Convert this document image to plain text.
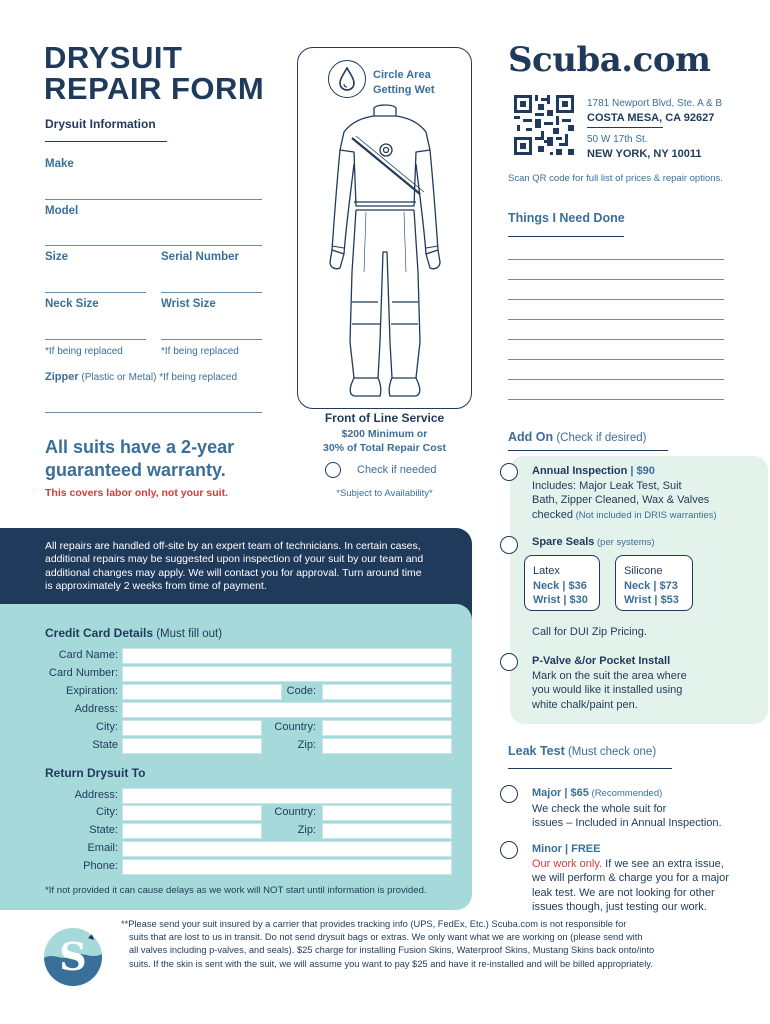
DRYSUIT
REPAIR FORM
Drysuit Information
Make
Model
Size	Serial Number
Neck Size	Wrist Size
*If being replaced	*If being replaced
Zipper (Plastic or Metal) *If being replaced
All suits have a 2-year
guaranteed warranty.
This covers labor only, not your suit.
Circle Area
Getting Wet
Front of Line Service
$200 Minimum or
30% of Total Repair Cost
Check if needed
*Subject to Availability*
Scuba.com
1781 Newport Blvd, Ste. A & B
COSTA MESA, CA 92627
50 W 17th St.
NEW YORK, NY 10011
Scan QR code for full list of prices & repair options.
Things I Need Done
Add On (Check if desired)
Annual Inspection | $90
Includes: Major Leak Test, Suit
Bath, Zipper Cleaned, Wax & Valves
checked (Not included in DRIS warranties)
Spare Seals (per systems)
Latex
Neck | $36
Wrist | $30
Silicone
Neck | $73
Wrist | $53
Call for DUI Zip Pricing.
P-Valve &/or Pocket Install
Mark on the suit the area where
you would like it installed using
white chalk/paint pen.
Leak Test (Must check one)
Major | $65 (Recommended)
We check the whole suit for
issues – Included in Annual Inspection.
Minor | FREE
Our work only. If we see an extra issue,
we will perform & charge you for a major
leak test. We are not looking for other
issues though, just testing our work.
All repairs are handled off-site by an expert team of technicians. In certain cases,
additional repairs may be suggested upon inspection of your suit by our team and
additional changes may apply. We will contact you for approval. Turn around time
is approximately 2 weeks from time of payment.
Credit Card Details (Must fill out)
Card Name:
Card Number:
Expiration:	Code:
Address:
City:	Country:
State	Zip:
Return Drysuit To
Address:
City:	Country:
State:	Zip:
Email:
Phone:
*If not provided it can cause delays as we work will NOT start until information is provided.
S
**Please send your suit insured by a carrier that provides tracking info (UPS, FedEx, Etc.) Scuba.com is not responsible for
suits that are lost to us in transit. Do not send drysuit bags or extras. We only want what we are working on (please send with
all valves including p-valves, and seals). $25 charge for installing Fusion Skins, Waterproof Skins, Mustang Skins back onto/into
suits. If the skin is sent with the suit, we will assume you want to pay $25 and have it re-installed and will be billed appropriately.
